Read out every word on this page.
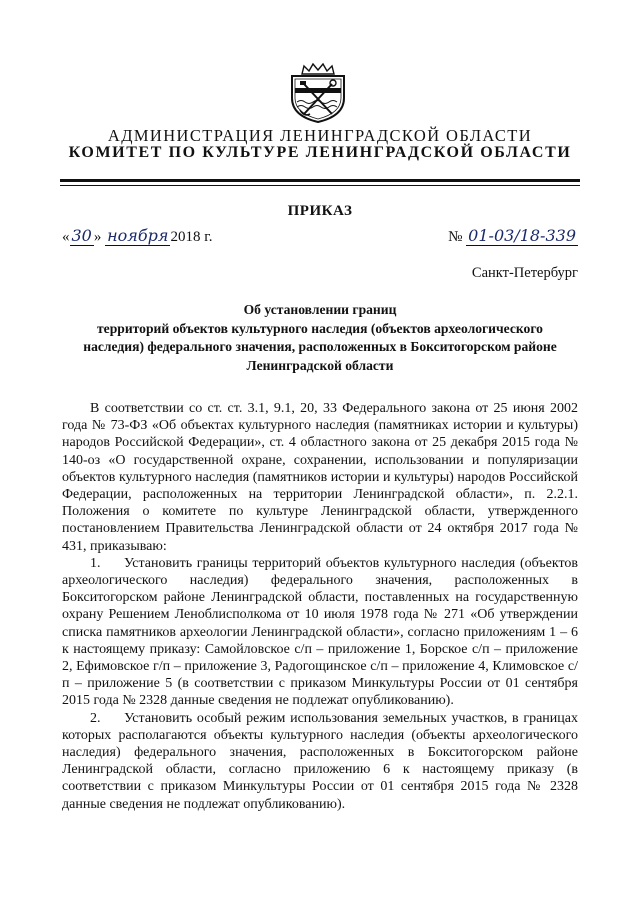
АДМИНИСТРАЦИЯ ЛЕНИНГРАДСКОЙ ОБЛАСТИ
КОМИТЕТ ПО КУЛЬТУРЕ ЛЕНИНГРАДСКОЙ ОБЛАСТИ
ПРИКАЗ
« 30 » ноября 2018 г.	№ 01-03/18-339
Санкт-Петербург
Об установлении границ
территорий объектов культурного наследия (объектов археологического
наследия) федерального значения, расположенных в Бокситогорском районе
Ленинградской области

В соответствии со ст. ст. 3.1, 9.1, 20, 33 Федерального закона от 25 июня 2002 года № 73-ФЗ «Об объектах культурного наследия (памятниках истории и культуры) народов Российской Федерации», ст. 4 областного закона от 25 декабря 2015 года № 140-оз «О государственной охране, сохранении, использовании и популяризации объектов культурного наследия (памятников истории и культуры) народов Российской Федерации, расположенных на территории Ленинградской области», п. 2.2.1. Положения о комитете по культуре Ленинградской области, утвержденного постановлением Правительства Ленинградской области от 24 октября 2017 года № 431, приказываю:

1.     Установить границы территорий объектов культурного наследия (объектов археологического наследия) федерального значения, расположенных в Бокситогорском районе Ленинградской области, поставленных на государственную охрану Решением Леноблисполкома от 10 июля 1978 года № 271 «Об утверждении списка памятников археологии Ленинградской области», согласно приложениям 1 – 6 к настоящему приказу: Самойловское с/п – приложение 1, Борское с/п – приложение 2, Ефимовское г/п – приложение 3, Радогощинское с/п – приложение 4, Климовское с/п – приложение 5 (в соответствии с приказом Минкультуры России от 01 сентября 2015 года № 2328 данные сведения не подлежат опубликованию).

2.     Установить особый режим использования земельных участков, в границах которых располагаются объекты культурного наследия (объекты археологического наследия) федерального значения, расположенных в Бокситогорском районе Ленинградской области, согласно приложению 6 к настоящему приказу (в соответствии с приказом Минкультуры России от 01 сентября 2015 года № 2328 данные сведения не подлежат опубликованию).
